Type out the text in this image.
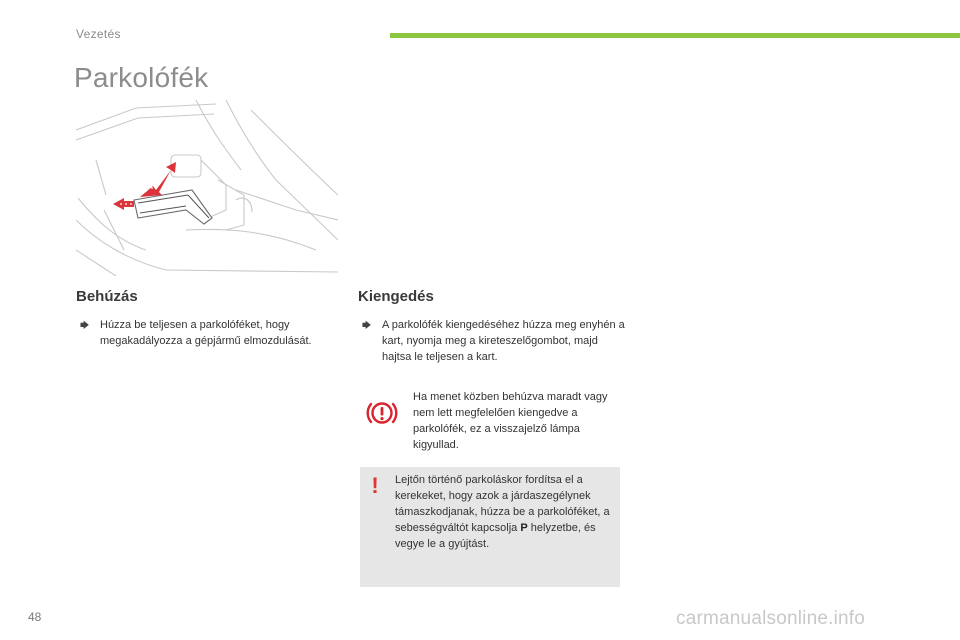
Vezetés
Parkolófék
Behúzás
🡆 Húzza be teljesen a parkolóféket, hogy megakadályozza a gépjármű elmozdulását.
Kiengedés
🡆 A parkolófék kiengedéséhez húzza meg enyhén a kart, nyomja meg a kireteszelőgombot, majd hajtsa le teljesen a kart.
Ha menet közben behúzva maradt vagy nem lett megfelelően kiengedve a parkolófék, ez a visszajelző lámpa kigyullad.
!	Lejtőn történő parkoláskor fordítsa el a kerekeket, hogy azok a járdaszegélynek támaszkodjanak, húzza be a parkolóféket, a sebességváltót kapcsolja P helyzetbe, és vegye le a gyújtást.
48	carmanualsonline.info
